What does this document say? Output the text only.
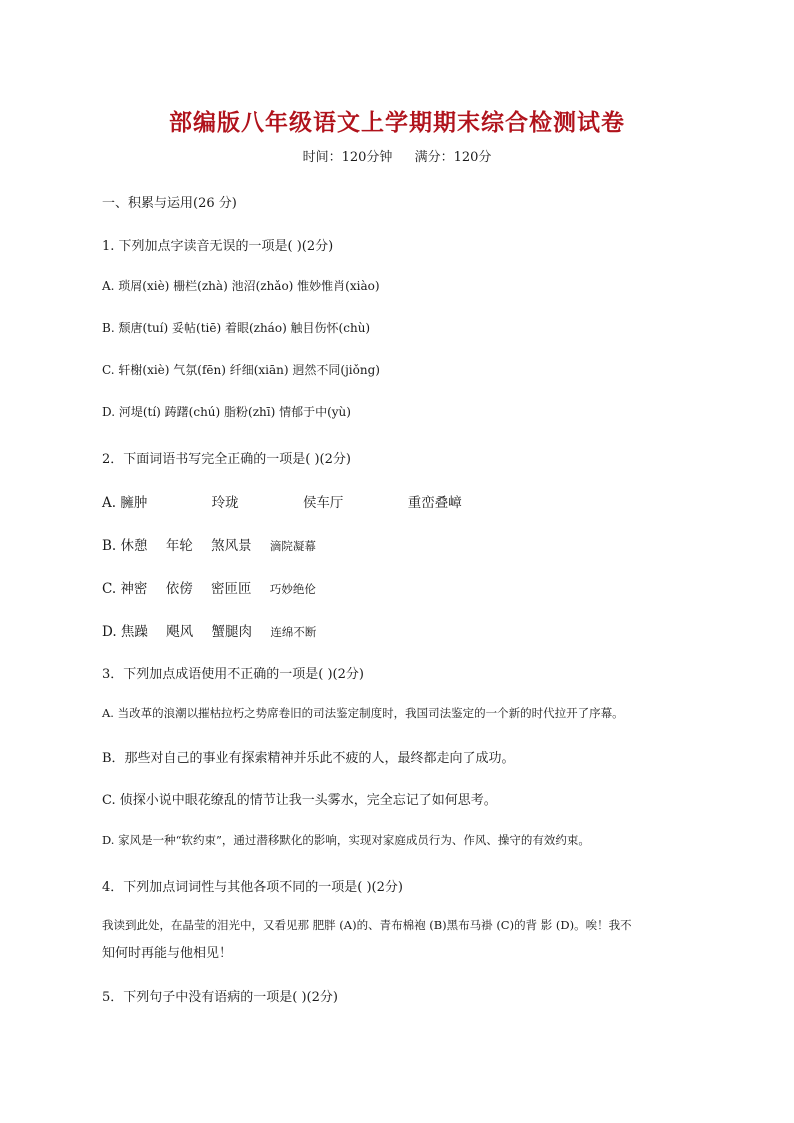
部编版八年级语文上学期期末综合检测试卷
时间：120分钟 满分：120分
一、积累与运用(26 分)
1. 下列加点字读音无误的一项是( )(2分)
A. 琐屑(xiè) 栅栏(zhà) 池沼(zhǎo) 惟妙惟肖(xiào)
B. 颓唐(tuí) 妥帖(tiē) 着眼(zháo) 触目伤怀(chù)
C. 轩榭(xiè) 气氛(fēn) 纤细(xiān) 迥然不同(jiǒng)
D. 河堤(tí) 踌躇(chú) 脂粉(zhī) 情郁于中(yù)
2．下面词语书写完全正确的一项是( )(2分)
A. 臃肿	玲珑	侯车厅	重峦叠嶂
B. 休憩 年轮 煞风景 滴院凝幕
C. 神密 依傍 密匝匝 巧妙绝伦
D. 焦躁 飓风 蟹腿肉 连绵不断
3．下列加点成语使用不正确的一项是( )(2分)
A. 当改革的浪潮以摧枯拉朽之势席卷旧的司法鉴定制度时，我国司法鉴定的一个新的时代拉开了序幕。
B．那些对自己的事业有探索精神并乐此不疲的人，最终都走向了成功。
C. 侦探小说中眼花缭乱的情节让我一头雾水，完全忘记了如何思考。
D. 家风是一种“软约束”，通过潜移默化的影响，实现对家庭成员行为、作风、操守的有效约束。
4．下列加点词词性与其他各项不同的一项是( )(2分)
我读到此处，在晶莹的泪光中，又看见那 肥胖 (A)的、青布棉袍 (B)黑布马褂 (C)的背 影 (D)。唉！我不
知何时再能与他相见！
5．下列句子中没有语病的一项是( )(2分)
